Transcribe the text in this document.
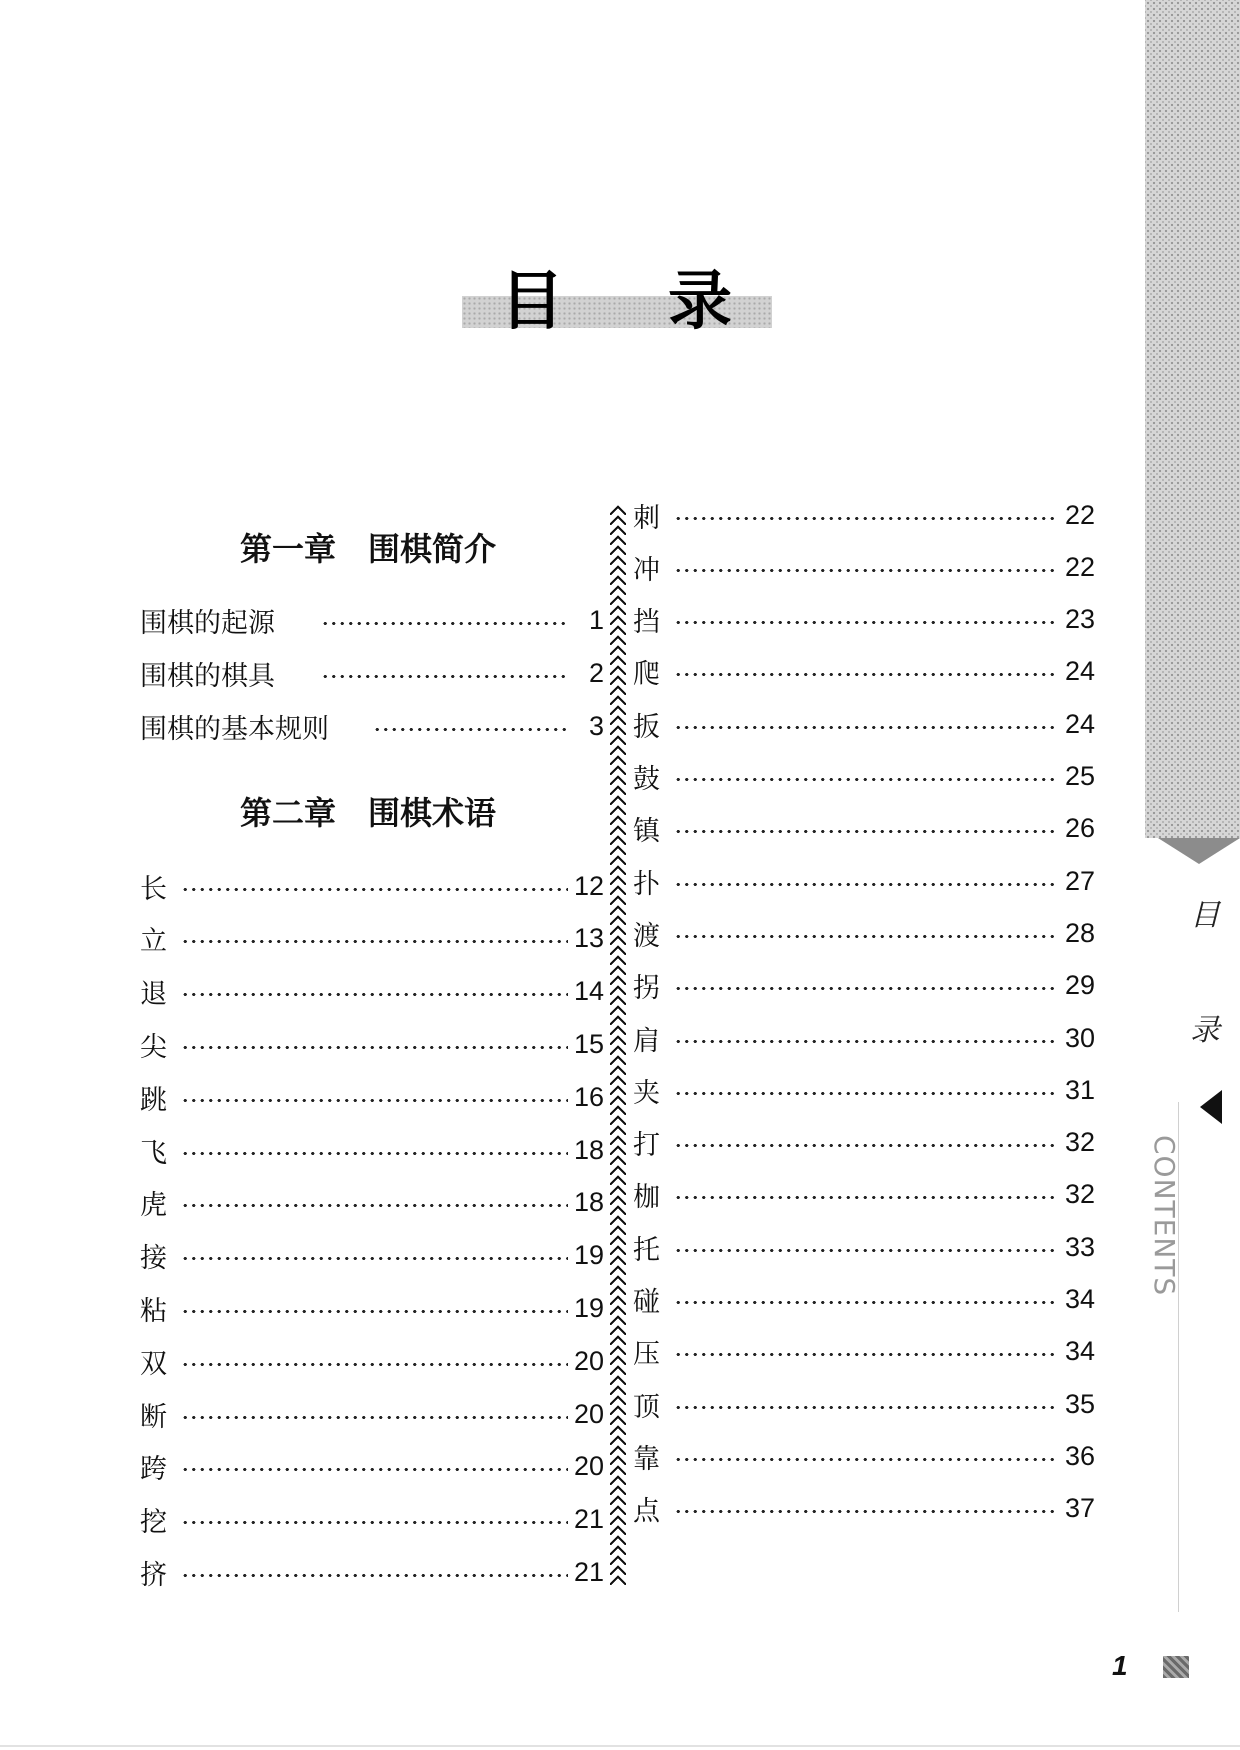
目
录
CONTENTS
目 录
第一章　围棋简介
第二章　围棋术语
围棋的起源	1
围棋的棋具	2
围棋的基本规则	3
长	12
立	13
退	14
尖	15
跳	16
飞	18
虎	18
接	19
粘	19
双	20
断	20
跨	20
挖	21
挤	21
刺	22
冲	22
挡	23
爬	24
扳	24
鼓	25
镇	26
扑	27
渡	28
拐	29
肩	30
夹	31
打	32
枷	32
托	33
碰	34
压	34
顶	35
靠	36
点	37
1
